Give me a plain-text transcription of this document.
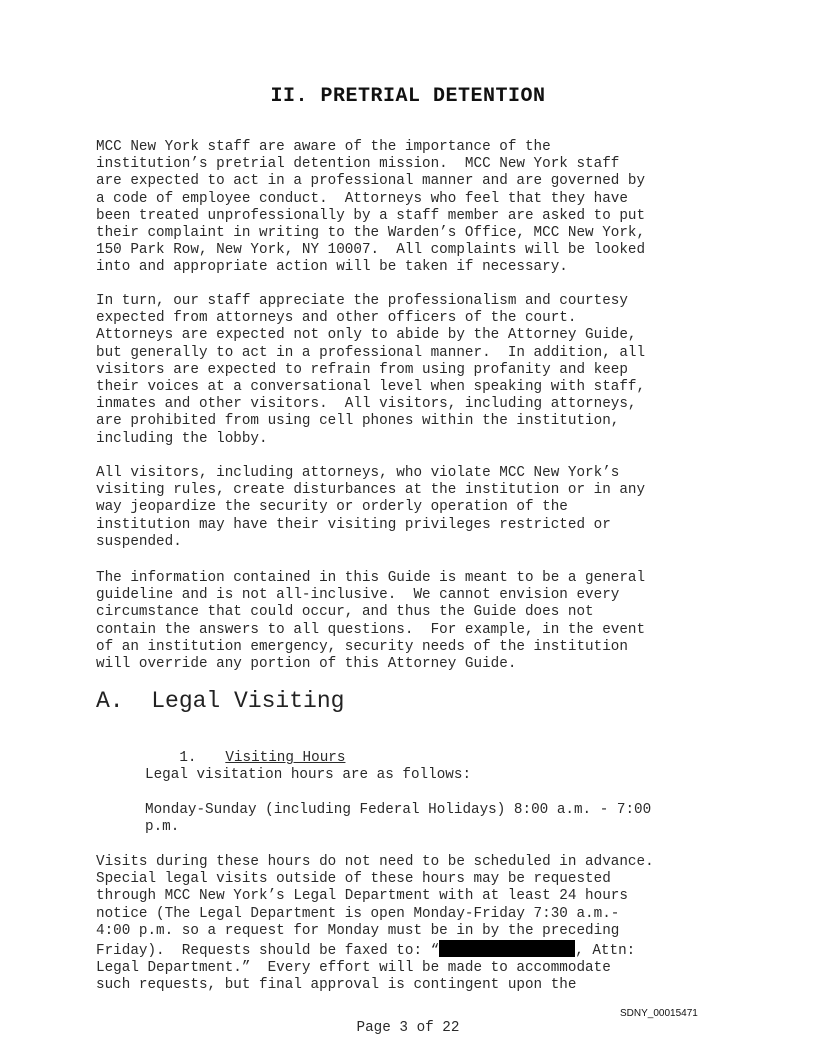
II. PRETRIAL DETENTION
MCC New York staff are aware of the importance of the
institution’s pretrial detention mission.  MCC New York staff
are expected to act in a professional manner and are governed by
a code of employee conduct.  Attorneys who feel that they have
been treated unprofessionally by a staff member are asked to put
their complaint in writing to the Warden’s Office, MCC New York,
150 Park Row, New York, NY 10007.  All complaints will be looked
into and appropriate action will be taken if necessary.
In turn, our staff appreciate the professionalism and courtesy
expected from attorneys and other officers of the court.
Attorneys are expected not only to abide by the Attorney Guide,
but generally to act in a professional manner.  In addition, all
visitors are expected to refrain from using profanity and keep
their voices at a conversational level when speaking with staff,
inmates and other visitors.  All visitors, including attorneys,
are prohibited from using cell phones within the institution,
including the lobby.
All visitors, including attorneys, who violate MCC New York’s
visiting rules, create disturbances at the institution or in any
way jeopardize the security or orderly operation of the
institution may have their visiting privileges restricted or
suspended.
The information contained in this Guide is meant to be a general
guideline and is not all-inclusive.  We cannot envision every
circumstance that could occur, and thus the Guide does not
contain the answers to all questions.  For example, in the event
of an institution emergency, security needs of the institution
will override any portion of this Attorney Guide.
A.  Legal Visiting

1. Visiting Hours

Legal visitation hours are as follows:
Monday-Sunday (including Federal Holidays) 8:00 a.m. - 7:00
p.m.
Visits during these hours do not need to be scheduled in advance.
Special legal visits outside of these hours may be requested
through MCC New York’s Legal Department with at least 24 hours
notice (The Legal Department is open Monday-Friday 7:30 a.m.-
4:00 p.m. so a request for Monday must be in by the preceding
Friday).  Requests should be faxed to: “	, Attn:
Legal Department.”  Every effort will be made to accommodate
such requests, but final approval is contingent upon the
SDNY_00015471
Page 3 of 22
